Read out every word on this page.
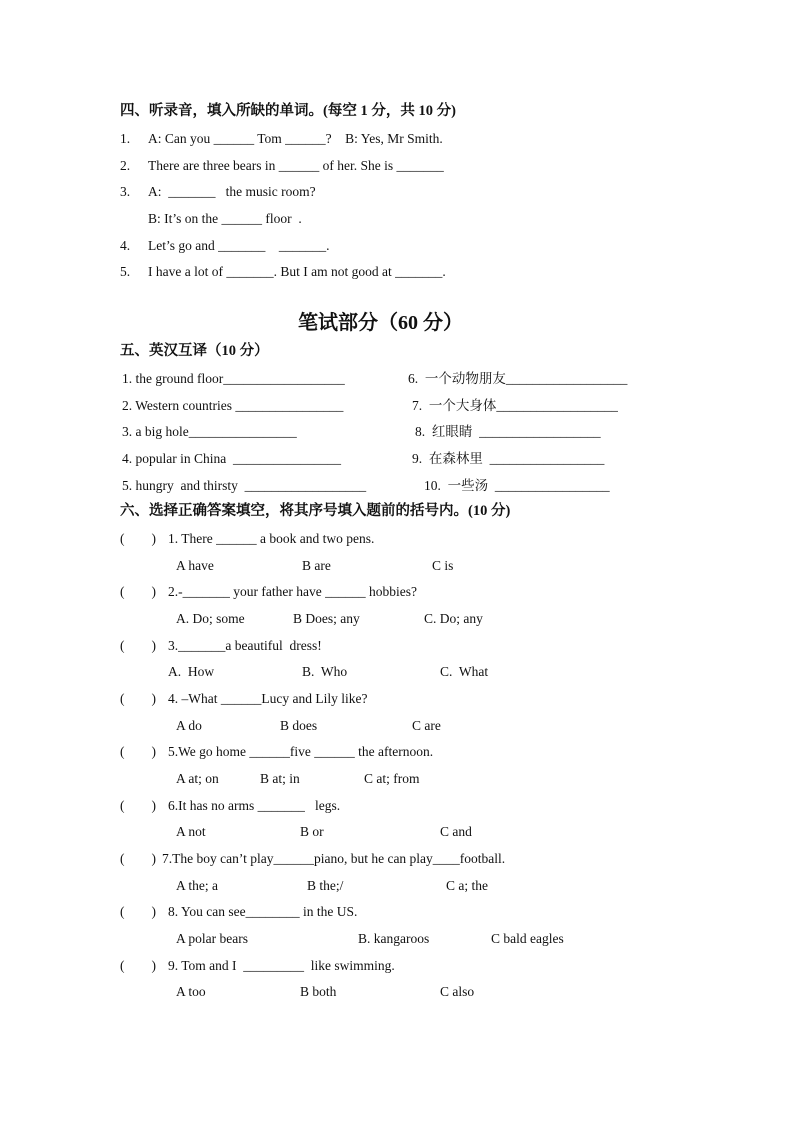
四、听录音，填入所缺的单词。(每空 1 分，共 10 分)
1. A: Can you ______ Tom ______?    B: Yes, Mr Smith.
2. There are three bears in ______ of her. She is _______
3. A:  _______   the music room?
B: It’s on the ______ floor  .
4. Let’s go and _______    _______.
5. I have a lot of _______. But I am not good at _______.
笔试部分（60 分）
五、英汉互译（10 分）
1. the ground floor__________________	6.  一个动物朋友__________________
2. Western countries ________________	7.  一个大身体__________________
3. a big hole________________	8.  红眼睛  __________________
4. popular in China  ________________	9.  在森林里  _________________
5. hungry  and thirsty  __________________	10.  一些汤  _________________
六、选择正确答案填空，将其序号填入题前的括号内。(10 分)
(        ) 1. There ______ a book and two pens.
A have	B are	C is
(        ) 2.-_______ your father have ______ hobbies?
A. Do; some	B Does; any	C. Do; any
(        ) 3._______a beautiful  dress!
A.  How	B.  Who	C.  What
(        ) 4. –What ______Lucy and Lily like?
A do	B does	C are
(        ) 5.We go home ______five ______ the afternoon.
A at; on	B at; in	C at; from
(        ) 6.It has no arms _______   legs.
A not	B or	C and
(        ) 7.The boy can’t play______piano, but he can play____football.
A the; a	B the;/	C a; the
(        ) 8. You can see________ in the US.
A polar bears	B. kangaroos	C bald eagles
(        ) 9. Tom and I  _________  like swimming.
A too	B both	C also
